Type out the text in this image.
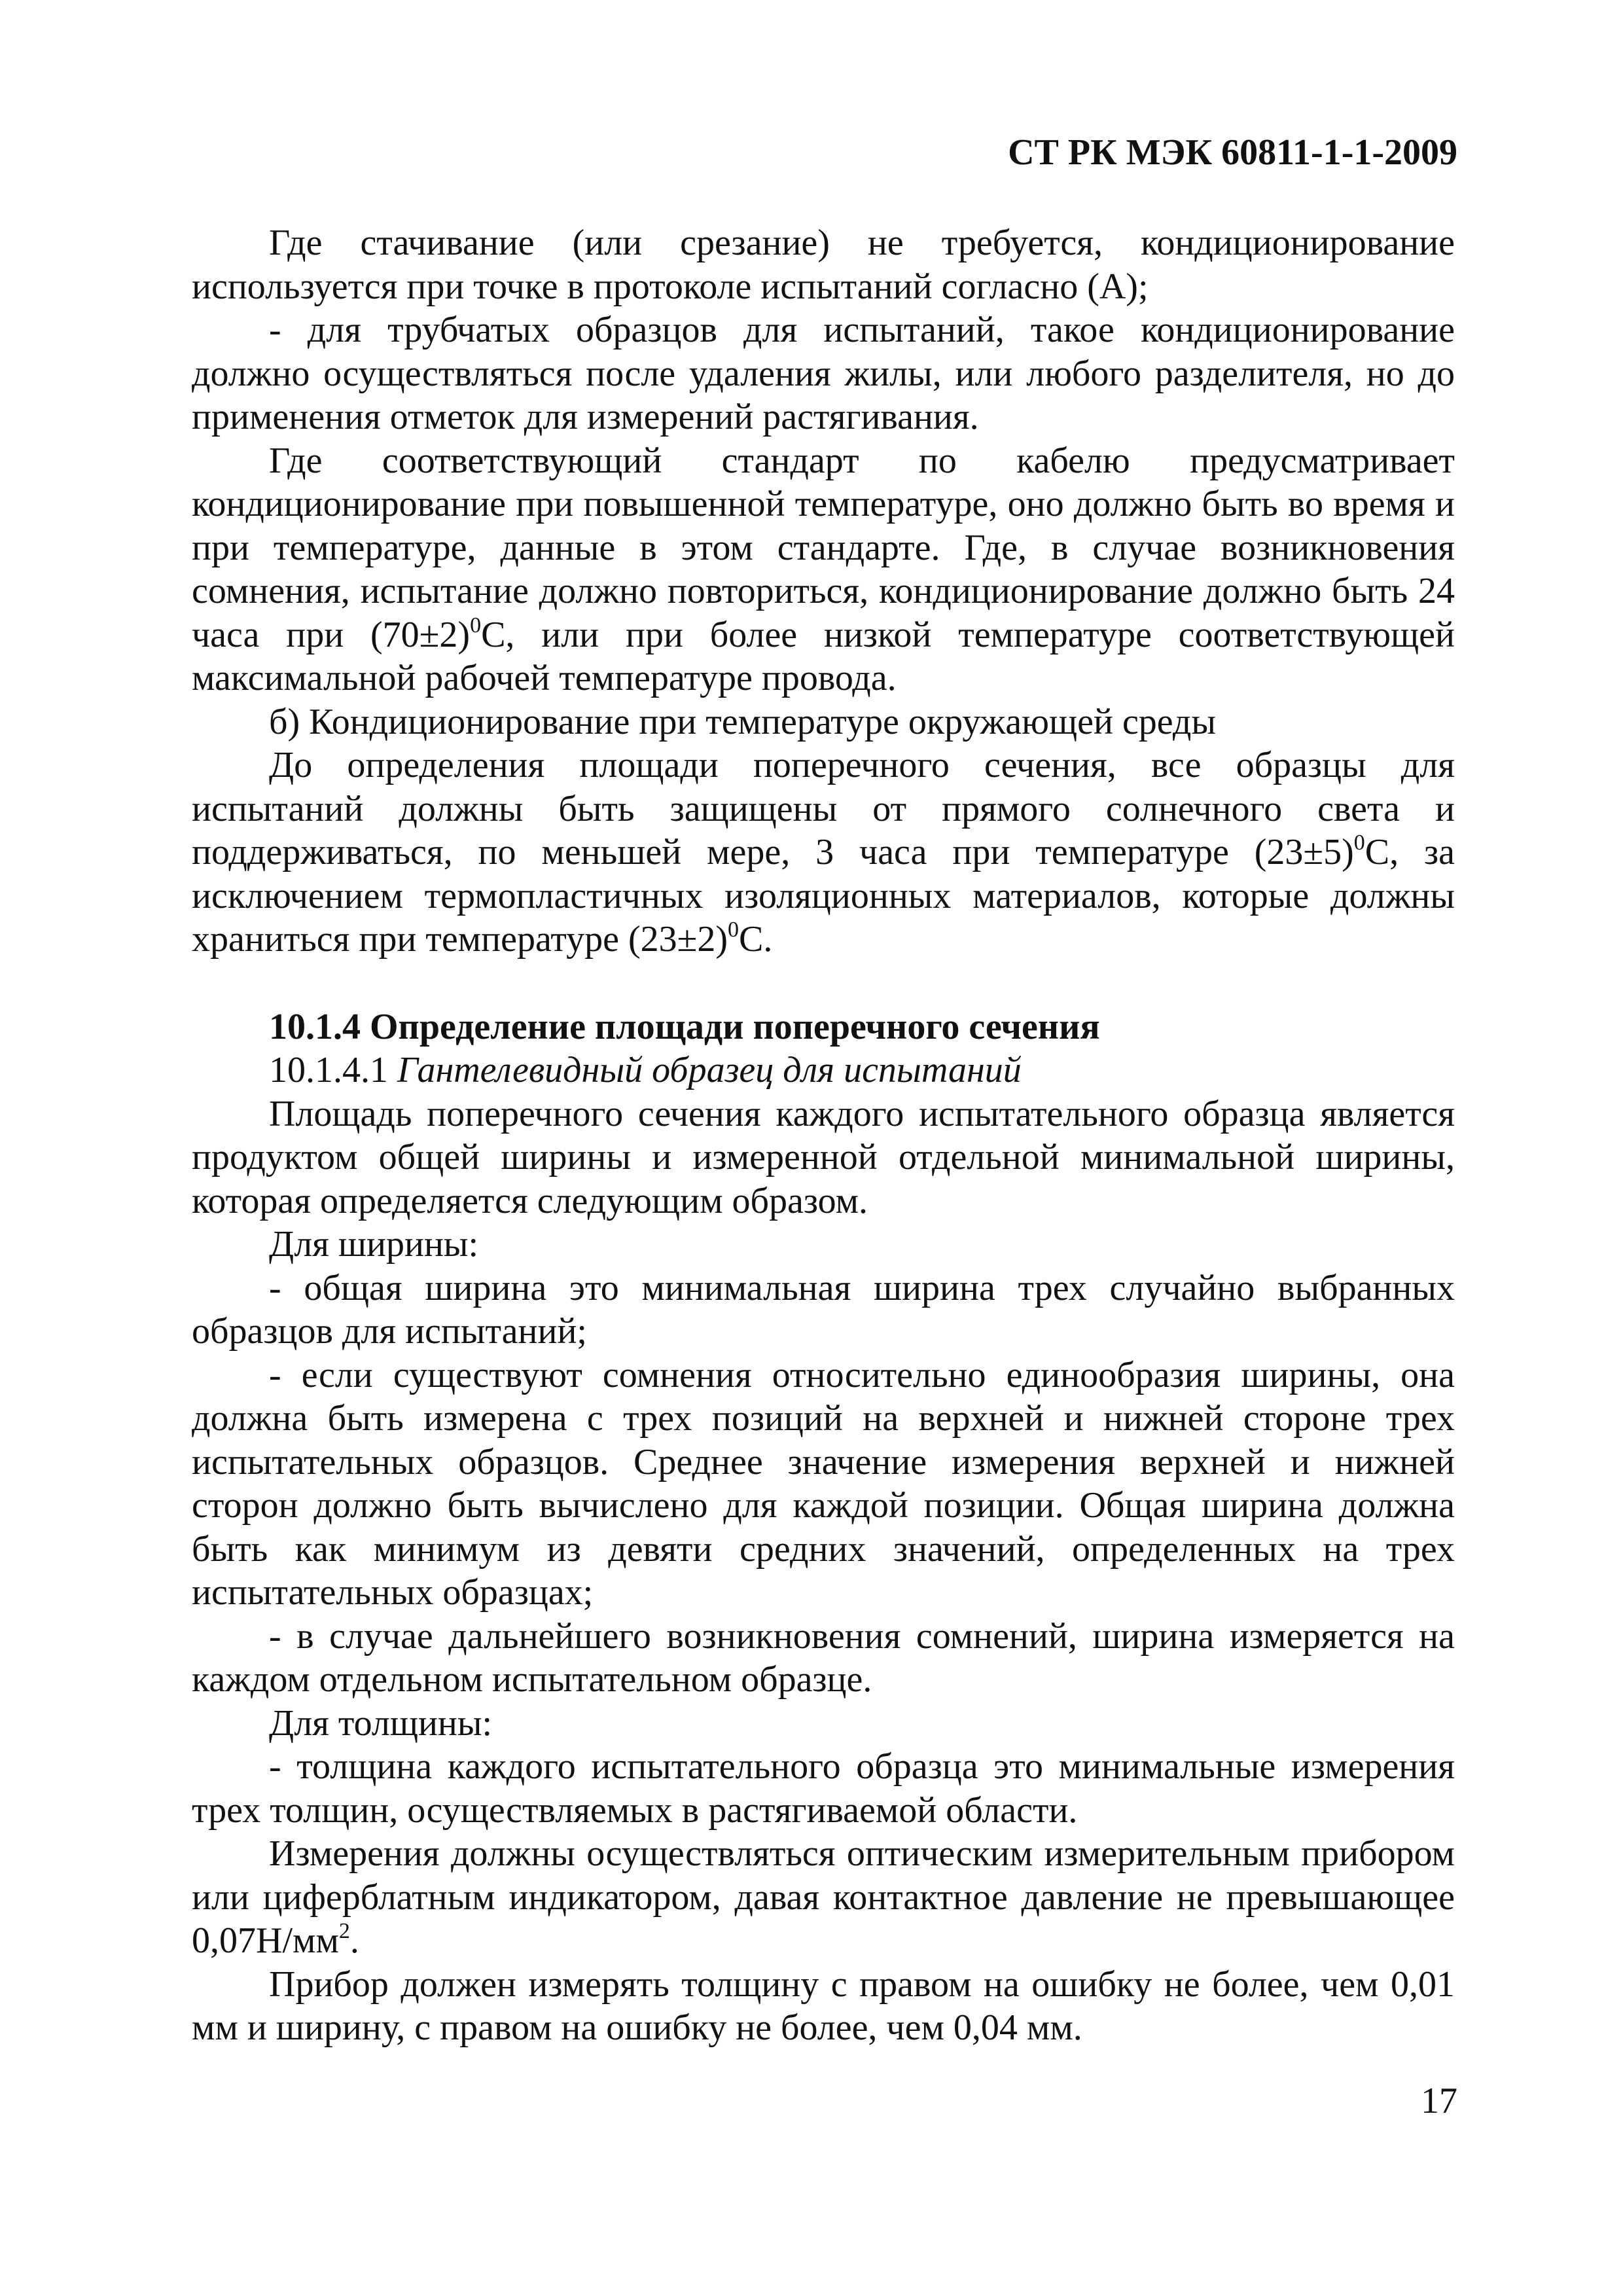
СТ РК МЭК 60811-1-1-2009

Где стачивание (или срезание) не требуется, кондиционирование используется при точке в протоколе испытаний согласно (А);

- для трубчатых образцов для испытаний, такое кондиционирование должно осуществляться после удаления жилы, или любого разделителя, но до применения отметок для измерений растягивания.

Где соответствующий стандарт по кабелю предусматривает кондиционирование при повышенной температуре, оно должно быть во время и при температуре, данные в этом стандарте. Где, в случае возникновения сомнения, испытание должно повториться, кондиционирование должно быть 24 часа при $(70\pm 2)^0С$, или при более низкой температуре соответствующей максимальной рабочей температуре провода.

б) Кондиционирование при температуре окружающей среды

До определения площади поперечного сечения, все образцы для испытаний должны быть защищены от прямого солнечного света и поддерживаться, по меньшей мере, 3 часа при температуре $(23\pm 5)^0С$, за исключением термопластичных изоляционных материалов, которые должны храниться при температуре $(23\pm 2)^0С$.

10.1.4 Определение площади поперечного сечения

10.1.4.1 Гантелевидный образец для испытаний

Площадь поперечного сечения каждого испытательного образца является продуктом общей ширины и измеренной отдельной минимальной ширины, которая определяется следующим образом.

Для ширины:

- общая ширина это минимальная ширина трех случайно выбранных образцов для испытаний;

- если существуют сомнения относительно единообразия ширины, она должна быть измерена с трех позиций на верхней и нижней стороне трех испытательных образцов. Среднее значение измерения верхней и нижней сторон должно быть вычислено для каждой позиции. Общая ширина должна быть как минимум из девяти средних значений, определенных на трех испытательных образцах;

- в случае дальнейшего возникновения сомнений, ширина измеряется на каждом отдельном испытательном образце.

Для толщины:

- толщина каждого испытательного образца это минимальные измерения трех толщин, осуществляемых в растягиваемой области.

Измерения должны осуществляться оптическим измерительным прибором или циферблатным индикатором, давая контактное давление не превышающее $0,07Н/мм^2$.

Прибор должен измерять толщину с правом на ошибку не более, чем 0,01 мм и ширину, с правом на ошибку не более, чем 0,04 мм.

17
